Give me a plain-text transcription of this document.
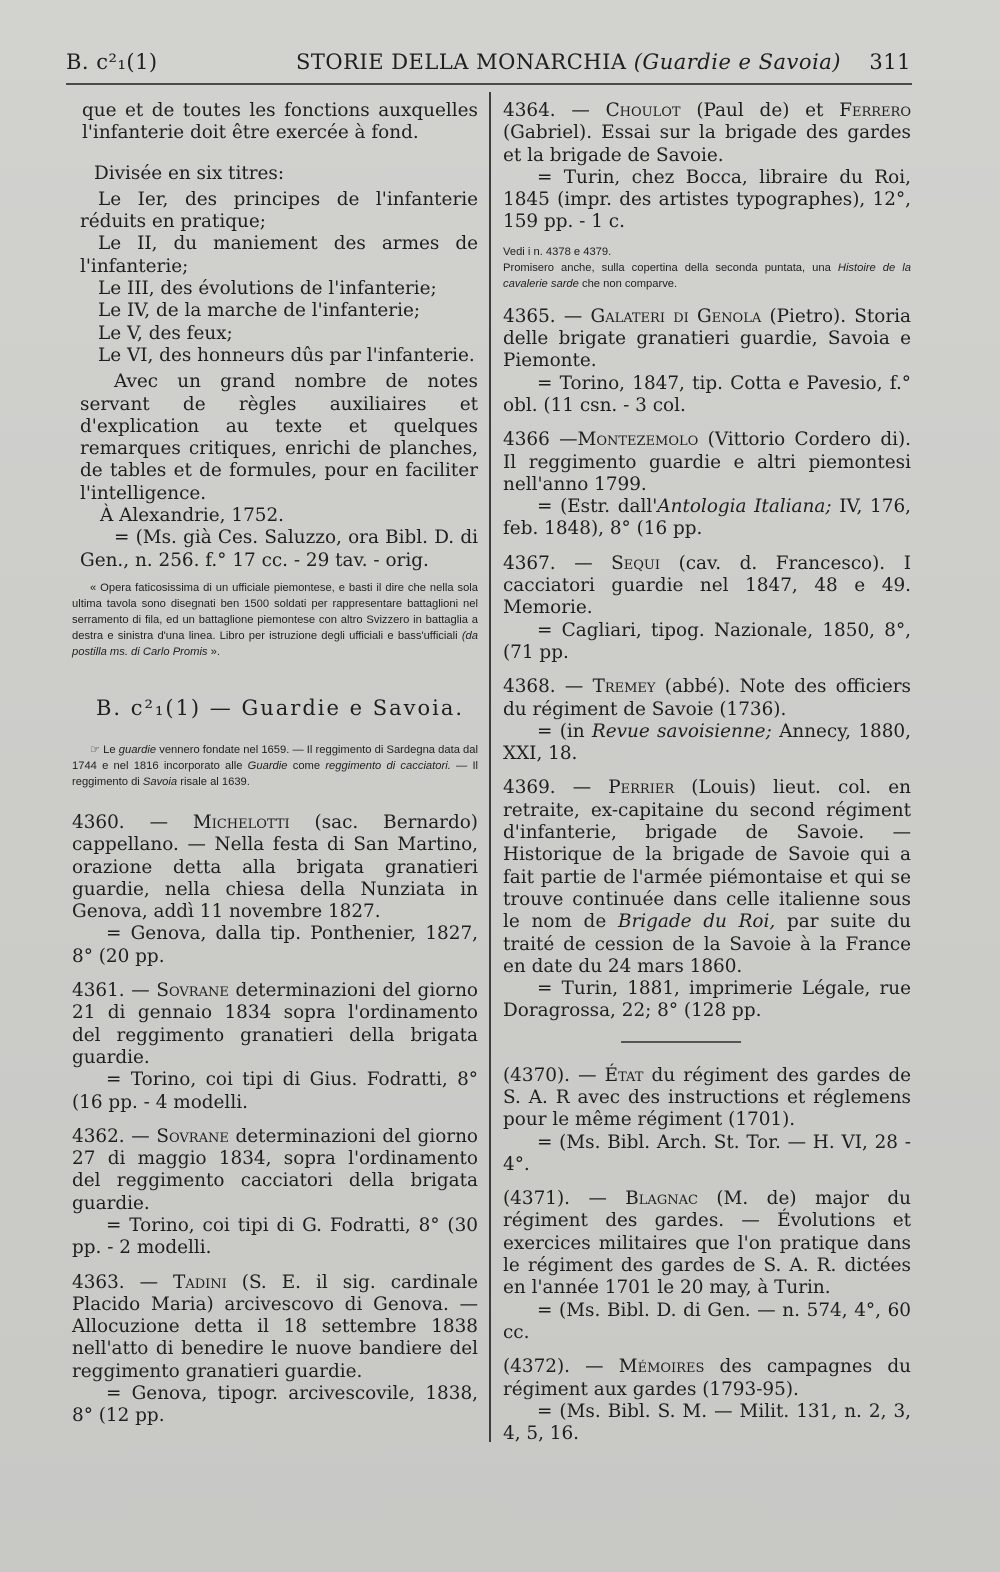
B. c²₁(1)	STORIE DELLA MONARCHIA (Guardie e Savoia) 311

que et de toutes les fonctions auxquelles l'infanterie doit être exercée à fond.

Divisée en six titres:

Le Ier, des principes de l'infanterie réduits en pratique;

Le II, du maniement des armes de l'infanterie;

Le III, des évolutions de l'infanterie;

Le IV, de la marche de l'infanterie;

Le V, des feux;

Le VI, des honneurs dûs par l'infanterie.

Avec un grand nombre de notes servant de règles auxiliaires et d'explication au texte et quelques remarques critiques, enrichi de planches, de tables et de formules, pour en faciliter l'intelligence.

À Alexandrie, 1752.

= (Ms. già Ces. Saluzzo, ora Bibl. D. di Gen., n. 256. f.° 17 cc. - 29 tav. - orig.

« Opera faticosissima di un ufficiale piemontese, e basti il dire che nella sola ultima tavola sono disegnati ben 1500 soldati per rappresentare battaglioni nel serramento di fila, ed un battaglione piemontese con altro Svizzero in battaglia a destra e sinistra d'una linea. Libro per istruzione degli ufficiali e bass'ufficiali (da postilla ms. di Carlo Promis ».

B. c²₁(1) — Guardie e Savoia.

☞ Le guardie vennero fondate nel 1659. — Il reggimento di Sardegna data dal 1744 e nel 1816 incorporato alle Guardie come reggimento di cacciatori. — Il reggimento di Savoia risale al 1639.

4360. — Michelotti (sac. Bernardo) cappellano. — Nella festa di San Martino, orazione detta alla brigata granatieri guardie, nella chiesa della Nunziata in Genova, addì 11 novembre 1827.

= Genova, dalla tip. Ponthenier, 1827, 8° (20 pp.

4361. — Sovrane determinazioni del giorno 21 di gennaio 1834 sopra l'ordinamento del reggimento granatieri della brigata guardie.

= Torino, coi tipi di Gius. Fodratti, 8° (16 pp. - 4 modelli.

4362. — Sovrane determinazioni del giorno 27 di maggio 1834, sopra l'ordinamento del reggimento cacciatori della brigata guardie.

= Torino, coi tipi di G. Fodratti, 8° (30 pp. - 2 modelli.

4363. — Tadini (S. E. il sig. cardinale Placido Maria) arcivescovo di Genova. — Allocuzione detta il 18 settembre 1838 nell'atto di benedire le nuove bandiere del reggimento granatieri guardie.

= Genova, tipogr. arcivescovile, 1838, 8° (12 pp.

4364. — Choulot (Paul de) et Ferrero (Gabriel). Essai sur la brigade des gardes et la brigade de Savoie.

= Turin, chez Bocca, libraire du Roi, 1845 (impr. des artistes typographes), 12°, 159 pp. - 1 c.

Vedi i n. 4378 e 4379.

Promisero anche, sulla copertina della seconda puntata, una Histoire de la cavalerie sarde che non comparve.

4365. — Galateri di Genola (Pietro). Storia delle brigate granatieri guardie, Savoia e Piemonte.

= Torino, 1847, tip. Cotta e Pavesio, f.° obl. (11 csn. - 3 col.

4366 —Montezemolo (Vittorio Cordero di). Il reggimento guardie e altri piemontesi nell'anno 1799.

= (Estr. dall'Antologia Italiana; IV, 176, feb. 1848), 8° (16 pp.

4367. — Sequi (cav. d. Francesco). I cacciatori guardie nel 1847, 48 e 49. Memorie.

= Cagliari, tipog. Nazionale, 1850, 8°, (71 pp.

4368. — Tremey (abbé). Note des officiers du régiment de Savoie (1736).

= (in Revue savoisienne; Annecy, 1880, XXI, 18.

4369. — Perrier (Louis) lieut. col. en retraite, ex-capitaine du second régiment d'infanterie, brigade de Savoie. — Historique de la brigade de Savoie qui a fait partie de l'armée piémontaise et qui se trouve continuée dans celle italienne sous le nom de Brigade du Roi, par suite du traité de cession de la Savoie à la France en date du 24 mars 1860.

= Turin, 1881, imprimerie Légale, rue Doragrossa, 22; 8° (128 pp.

(4370). — État du régiment des gardes de S. A. R avec des instructions et réglemens pour le même régiment (1701).

= (Ms. Bibl. Arch. St. Tor. — H. VI, 28 - 4°.

(4371). — Blagnac (M. de) major du régiment des gardes. — Évolutions et exercices militaires que l'on pratique dans le régiment des gardes de S. A. R. dictées en l'année 1701 le 20 may, à Turin.

= (Ms. Bibl. D. di Gen. — n. 574, 4°, 60 cc.

(4372). — Mémoires des campagnes du régiment aux gardes (1793-95).

= (Ms. Bibl. S. M. — Milit. 131, n. 2, 3, 4, 5, 16.
